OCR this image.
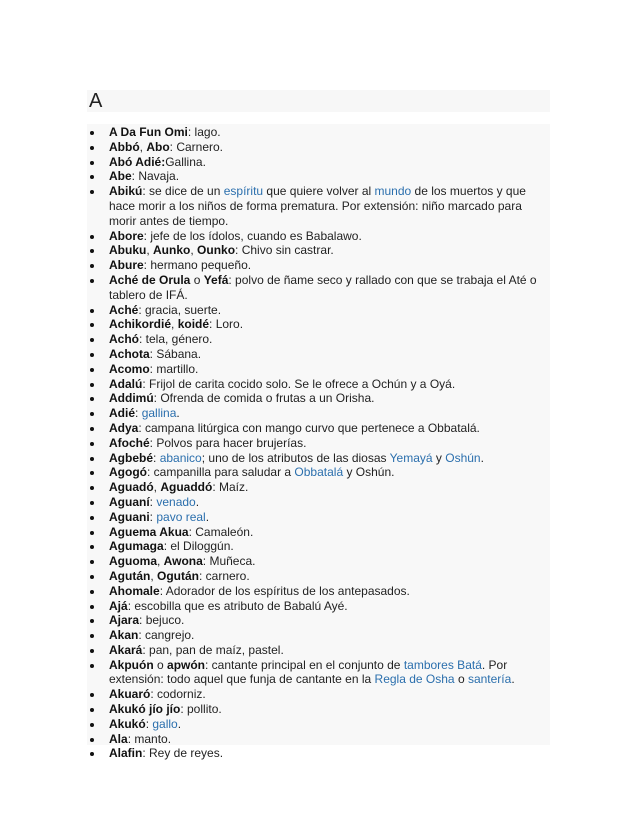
A
A Da Fun Omi: lago.
Abbó, Abo: Carnero.
Abó Adié:Gallina.
Abe: Navaja.
Abikú: se dice de un espíritu que quiere volver al mundo de los muertos y que hace morir a los niños de forma prematura. Por extensión: niño marcado para morir antes de tiempo.
Abore: jefe de los ídolos, cuando es Babalawo.
Abuku, Aunko, Ounko: Chivo sin castrar.
Abure: hermano pequeño.
Aché de Orula o Yefá: polvo de ñame seco y rallado con que se trabaja el Até o tablero de IFÁ.
Aché: gracia, suerte.
Achikordié, koidé: Loro.
Achó: tela, género.
Achota: Sábana.
Acomo: martillo.
Adalú: Frijol de carita cocido solo. Se le ofrece a Ochún y a Oyá.
Addimú: Ofrenda de comida o frutas a un Orisha.
Adié: gallina.
Adya: campana litúrgica con mango curvo que pertenece a Obbatalá.
Afoché: Polvos para hacer brujerías.
Agbebé: abanico; uno de los atributos de las diosas Yemayá y Oshún.
Agogó: campanilla para saludar a Obbatalá y Oshún.
Aguadó, Aguaddó: Maíz.
Aguaní: venado.
Aguani: pavo real.
Aguema Akua: Camaleón.
Agumaga: el Diloggún.
Aguoma, Awona: Muñeca.
Agután, Ogután: carnero.
Ahomale: Adorador de los espíritus de los antepasados.
Ajá: escobilla que es atributo de Babalú Ayé.
Ajara: bejuco.
Akan: cangrejo.
Akará: pan, pan de maíz, pastel.
Akpuón o apwón: cantante principal en el conjunto de tambores Batá. Por extensión: todo aquel que funja de cantante en la Regla de Osha o santería.
Akuaró: codorniz.
Akukó jío jío: pollito.
Akukó: gallo.
Ala: manto.
Alafin: Rey de reyes.
